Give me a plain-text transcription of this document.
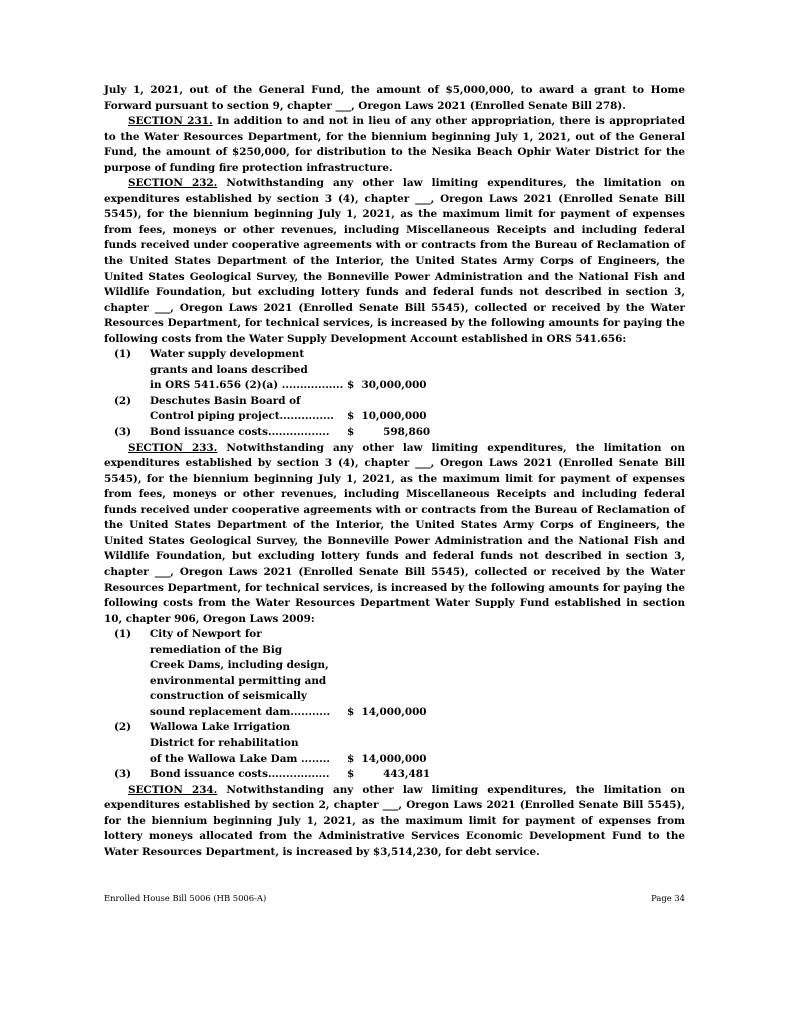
July 1, 2021, out of the General Fund, the amount of $5,000,000, to award a grant to Home Forward pursuant to section 9, chapter ___, Oregon Laws 2021 (Enrolled Senate Bill 278).

SECTION 231. In addition to and not in lieu of any other appropriation, there is appropriated to the Water Resources Department, for the biennium beginning July 1, 2021, out of the General Fund, the amount of $250,000, for distribution to the Nesika Beach Ophir Water District for the purpose of funding fire protection infrastructure.

SECTION 232. Notwithstanding any other law limiting expenditures, the limitation on expenditures established by section 3 (4), chapter ___, Oregon Laws 2021 (Enrolled Senate Bill 5545), for the biennium beginning July 1, 2021, as the maximum limit for payment of expenses from fees, moneys or other revenues, including Miscellaneous Receipts and including federal funds received under cooperative agreements with or contracts from the Bureau of Reclamation of the United States Department of the Interior, the United States Army Corps of Engineers, the United States Geological Survey, the Bonneville Power Administration and the National Fish and Wildlife Foundation, but excluding lottery funds and federal funds not described in section 3, chapter ___, Oregon Laws 2021 (Enrolled Senate Bill 5545), collected or received by the Water Resources Department, for technical services, is increased by the following amounts for paying the following costs from the Water Supply Development Account established in ORS 541.656:

(1)	Water supply development
grants and loans described
in ORS 541.656 (2)(a) ................. $  30,000,000
(2)	Deschutes Basin Board of
Control piping project...............	$  10,000,000
(3)	Bond issuance costs.................	$        598,860

SECTION 233. Notwithstanding any other law limiting expenditures, the limitation on expenditures established by section 3 (4), chapter ___, Oregon Laws 2021 (Enrolled Senate Bill 5545), for the biennium beginning July 1, 2021, as the maximum limit for payment of expenses from fees, moneys or other revenues, including Miscellaneous Receipts and including federal funds received under cooperative agreements with or contracts from the Bureau of Reclamation of the United States Department of the Interior, the United States Army Corps of Engineers, the United States Geological Survey, the Bonneville Power Administration and the National Fish and Wildlife Foundation, but excluding lottery funds and federal funds not described in section 3, chapter ___, Oregon Laws 2021 (Enrolled Senate Bill 5545), collected or received by the Water Resources Department, for technical services, is increased by the following amounts for paying the following costs from the Water Resources Department Water Supply Fund established in section 10, chapter 906, Oregon Laws 2009:

(1)	City of Newport for
remediation of the Big
Creek Dams, including design,
environmental permitting and
construction of seismically
sound replacement dam...........	$  14,000,000
(2)	Wallowa Lake Irrigation
District for rehabilitation
of the Wallowa Lake Dam ........	$  14,000,000
(3)	Bond issuance costs.................	$        443,481

SECTION 234. Notwithstanding any other law limiting expenditures, the limitation on expenditures established by section 2, chapter ___, Oregon Laws 2021 (Enrolled Senate Bill 5545), for the biennium beginning July 1, 2021, as the maximum limit for payment of expenses from lottery moneys allocated from the Administrative Services Economic Development Fund to the Water Resources Department, is increased by $3,514,230, for debt service.

Enrolled House Bill 5006 (HB 5006-A)	Page 34
